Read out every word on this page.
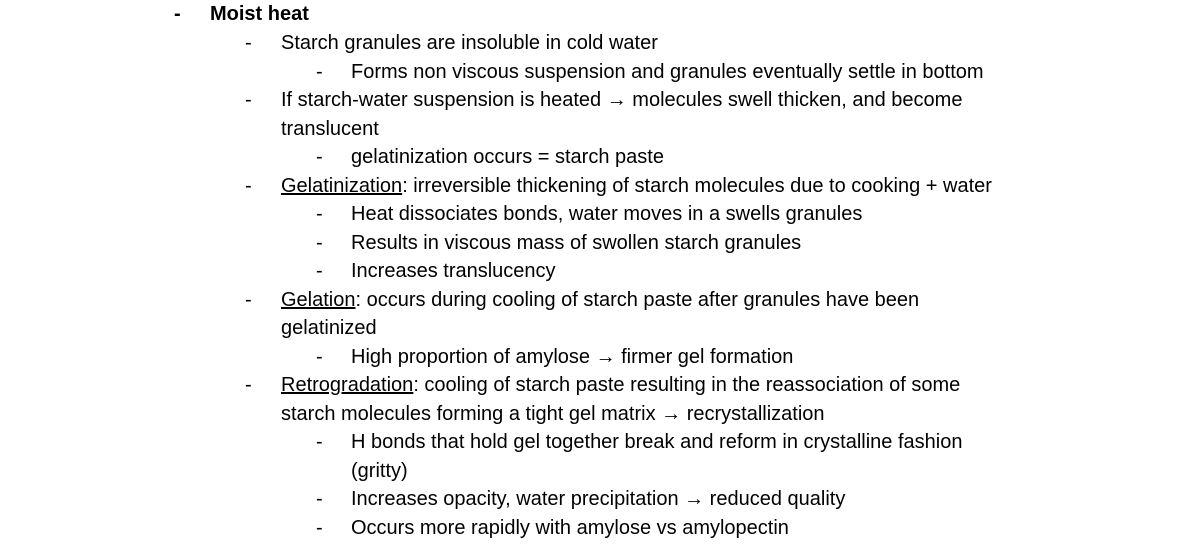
- Moist heat
- Starch granules are insoluble in cold water
- Forms non viscous suspension and granules eventually settle in bottom
- If starch-water suspension is heated → molecules swell thicken, and become
translucent
- gelatinization occurs = starch paste
- Gelatinization: irreversible thickening of starch molecules due to cooking + water
- Heat dissociates bonds, water moves in a swells granules
- Results in viscous mass of swollen starch granules
- Increases translucency
- Gelation: occurs during cooling of starch paste after granules have been
gelatinized
- High proportion of amylose → firmer gel formation
- Retrogradation: cooling of starch paste resulting in the reassociation of some
starch molecules forming a tight gel matrix → recrystallization
- H bonds that hold gel together break and reform in crystalline fashion
(gritty)
- Increases opacity, water precipitation → reduced quality
- Occurs more rapidly with amylose vs amylopectin
